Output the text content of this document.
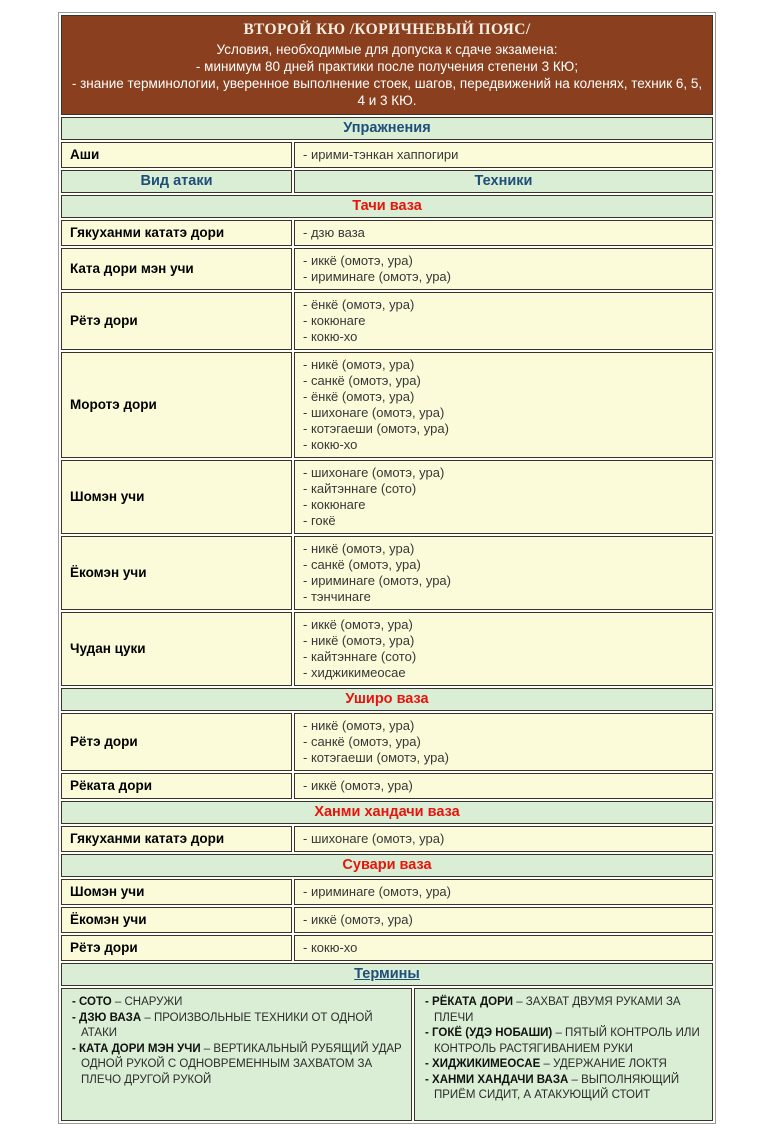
ВТОРОЙ КЮ /КОРИЧНЕВЫЙ ПОЯС/
Условия, необходимые для допуска к сдаче экзамена:
- минимум 80 дней практики после получения степени 3 КЮ;
- знание терминологии, уверенное выполнение стоек, шагов, передвижений на коленях, техник 6, 5, 4 и 3 КЮ.
Упражнения
Аши	- ирими-тэнкан хаппогири
Вид атаки	Техники
Тачи ваза
Гякуханми кататэ дори	- дзю ваза
Ката дори мэн учи
- иккё (омотэ, ура)
- ириминаге (омотэ, ура)
Рётэ дори
- ёнкё (омотэ, ура)
- кокюнаге
- кокю-хо
Моротэ дори
- никё (омотэ, ура)
- санкё (омотэ, ура)
- ёнкё (омотэ, ура)
- шихонаге (омотэ, ура)
- котэгаеши (омотэ, ура)
- кокю-хо
Шомэн учи
- шихонаге (омотэ, ура)
- кайтэннаге (сото)
- кокюнаге
- гокё
Ёкомэн учи
- никё (омотэ, ура)
- санкё (омотэ, ура)
- ириминаге (омотэ, ура)
- тэнчинаге
Чудан цуки
- иккё (омотэ, ура)
- никё (омотэ, ура)
- кайтэннаге (сото)
- хиджикимеосае
Уширо ваза
Рётэ дори
- никё (омотэ, ура)
- санкё (омотэ, ура)
- котэгаеши (омотэ, ура)
Рёката дори	- иккё (омотэ, ура)
Ханми хандачи ваза
Гякуханми кататэ дори	- шихонаге (омотэ, ура)
Сувари ваза
Шомэн учи	- ириминаге (омотэ, ура)
Ёкомэн учи	- иккё (омотэ, ура)
Рётэ дори	- кокю-хо
Термины
- СОТО – СНАРУЖИ
- ДЗЮ ВАЗА – ПРОИЗВОЛЬНЫЕ ТЕХНИКИ ОТ ОДНОЙ АТАКИ
- КАТА ДОРИ МЭН УЧИ – ВЕРТИКАЛЬНЫЙ РУБЯЩИЙ УДАР ОДНОЙ РУКОЙ С ОДНОВРЕМЕННЫМ ЗАХВАТОМ ЗА ПЛЕЧО ДРУГОЙ РУКОЙ
- РЁКАТА ДОРИ – ЗАХВАТ ДВУМЯ РУКАМИ ЗА ПЛЕЧИ
- ГОКЁ (УДЭ НОБАШИ) – ПЯТЫЙ КОНТРОЛЬ ИЛИ КОНТРОЛЬ РАСТЯГИВАНИЕМ РУКИ
- ХИДЖИКИМЕОСАЕ – УДЕРЖАНИЕ ЛОКТЯ
- ХАНМИ ХАНДАЧИ ВАЗА – ВЫПОЛНЯЮЩИЙ ПРИЁМ СИДИТ, А АТАКУЮЩИЙ СТОИТ
